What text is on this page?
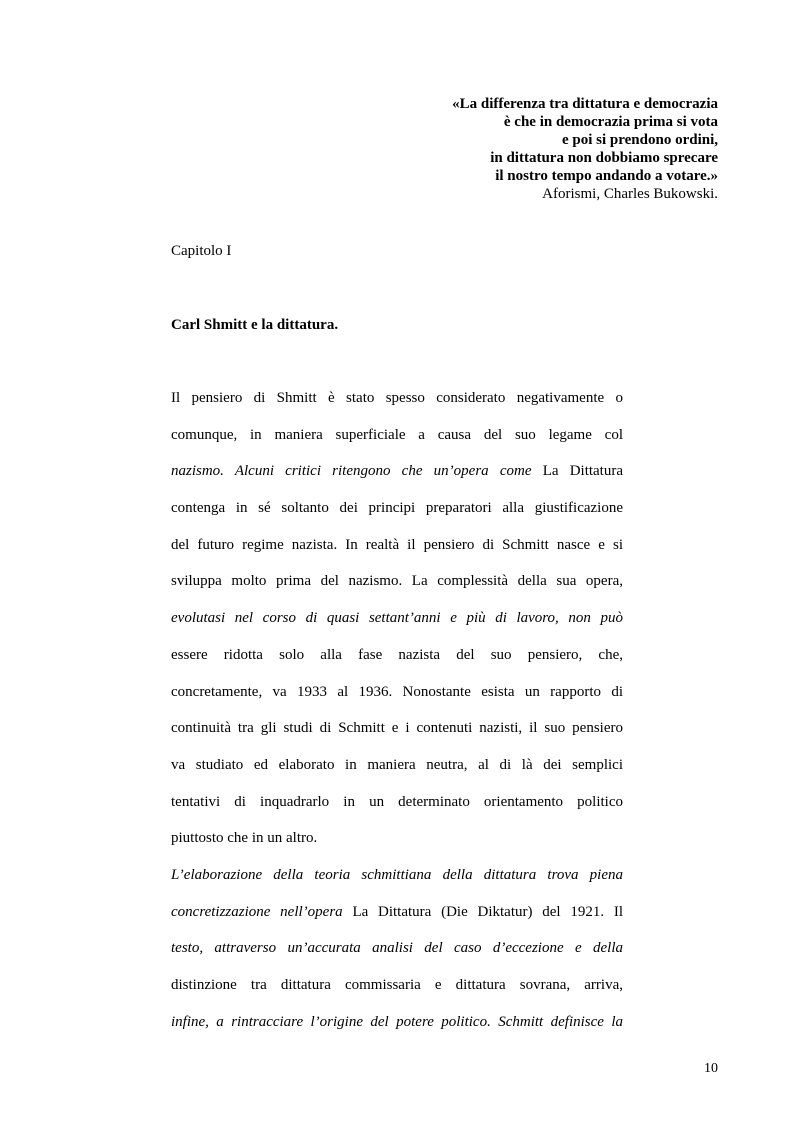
«La differenza tra dittatura e democrazia
è che in democrazia prima si vota
e poi si prendono ordini,
in dittatura non dobbiamo sprecare
il nostro tempo andando a votare.»
Aforismi, Charles Bukowski.
Capitolo I
Carl Shmitt e la dittatura.
Il pensiero di Shmitt è stato spesso considerato negativamente o
comunque, in maniera superficiale a causa del suo legame col
nazismo. Alcuni critici ritengono che un’opera come La Dittatura
contenga in sé soltanto dei principi preparatori alla giustificazione
del futuro regime nazista. In realtà il pensiero di Schmitt nasce e si
sviluppa molto prima del nazismo. La complessità della sua opera,
evolutasi nel corso di quasi settant’anni e più di lavoro, non può
essere ridotta solo alla fase nazista del suo pensiero, che,
concretamente, va 1933 al 1936. Nonostante esista un rapporto di
continuità tra gli studi di Schmitt e i contenuti nazisti, il suo pensiero
va studiato ed elaborato in maniera neutra, al di là dei semplici
tentativi di inquadrarlo in un determinato orientamento politico
piuttosto che in un altro.
L’elaborazione della teoria schmittiana della dittatura trova piena
concretizzazione nell’opera La Dittatura (Die Diktatur) del 1921. Il
testo, attraverso un’accurata analisi del caso d’eccezione e della
distinzione tra dittatura commissaria e dittatura sovrana, arriva,
infine, a rintracciare l’origine del potere politico. Schmitt definisce la
10
